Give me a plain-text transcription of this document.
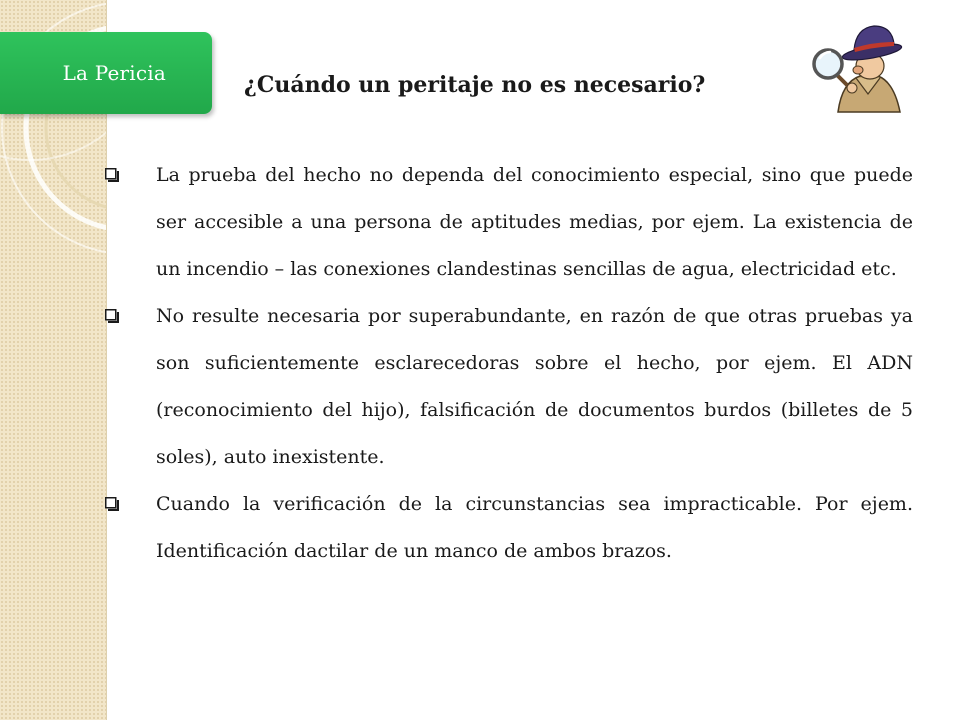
La Pericia	¿Cuándo un peritaje no es necesario?
La prueba del hecho no dependa del conocimiento especial, sino que puede ser accesible a una persona de aptitudes medias, por ejem. La existencia de un incendio – las conexiones clandestinas sencillas de agua, electricidad etc.
No resulte necesaria por superabundante, en razón de que otras pruebas ya son suficientemente esclarecedoras sobre el hecho, por ejem. El ADN (reconocimiento del hijo), falsificación de documentos burdos (billetes de 5 soles), auto inexistente.
Cuando la verificación de la circunstancias sea impracticable. Por ejem. Identificación dactilar de un manco de ambos brazos.
